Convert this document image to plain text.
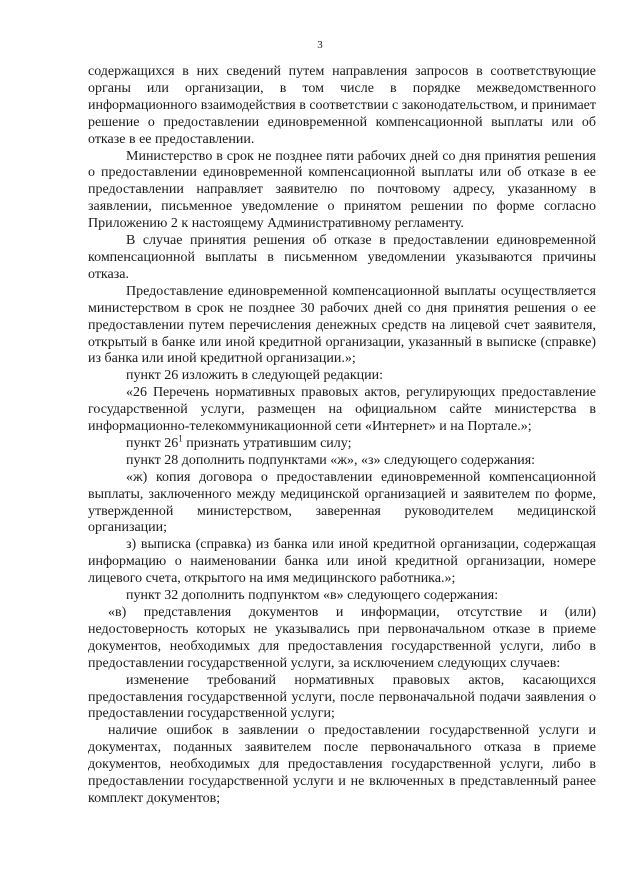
3

содержащихся в них сведений путем направления запросов в соответствующие органы или организации, в том числе в порядке межведомственного информационного взаимодействия в соответствии с законодательством, и принимает решение о предоставлении единовременной компенсационной выплаты или об отказе в ее предоставлении.

Министерство в срок не позднее пяти рабочих дней со дня принятия решения о предоставлении единовременной компенсационной выплаты или об отказе в ее предоставлении направляет заявителю по почтовому адресу, указанному в заявлении, письменное уведомление о принятом решении по форме согласно Приложению 2 к настоящему Административному регламенту.

В случае принятия решения об отказе в предоставлении единовременной компенсационной выплаты в письменном уведомлении указываются причины отказа.

Предоставление единовременной компенсационной выплаты осуществляется министерством в срок не позднее 30 рабочих дней со дня принятия решения о ее предоставлении путем перечисления денежных средств на лицевой счет заявителя, открытый в банке или иной кредитной организации, указанный в выписке (справке) из банка или иной кредитной организации.»;

пункт 26 изложить в следующей редакции:

«26 Перечень нормативных правовых актов, регулирующих предоставление государственной услуги, размещен на официальном сайте министерства в информационно-телекоммуникационной сети «Интернет» и на Портале.»;

пункт $26^1$ признать утратившим силу;

пункт 28 дополнить подпунктами «ж», «з» следующего содержания:

«ж) копия договора о предоставлении единовременной компенсационной выплаты, заключенного между медицинской организацией и заявителем по форме, утвержденной министерством, заверенная руководителем медицинской организации;

з) выписка (справка) из банка или иной кредитной организации, содержащая информацию о наименовании банка или иной кредитной организации, номере лицевого счета, открытого на имя медицинского работника.»;

пункт 32 дополнить подпунктом «в» следующего содержания:

«в) представления документов и информации, отсутствие и (или) недостоверность которых не указывались при первоначальном отказе в приеме документов, необходимых для предоставления государственной услуги, либо в предоставлении государственной услуги, за исключением следующих случаев:

изменение требований нормативных правовых актов, касающихся предоставления государственной услуги, после первоначальной подачи заявления о предоставлении государственной услуги;

наличие ошибок в заявлении о предоставлении государственной услуги и документах, поданных заявителем после первоначального отказа в приеме документов, необходимых для предоставления государственной услуги, либо в предоставлении государственной услуги и не включенных в представленный ранее комплект документов;
